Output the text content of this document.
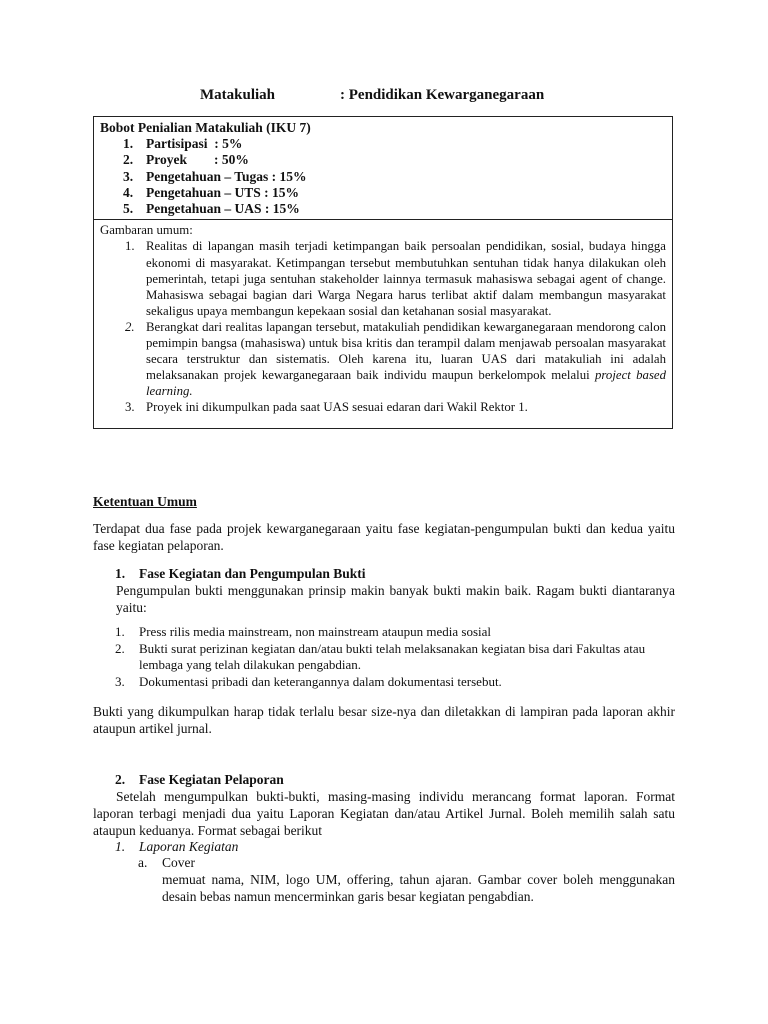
Matakuliah	: Pendidikan Kewarganegaraan
Bobot Penialian Matakuliah (IKU 7)
1. Partisipasi  : 5%
2. Proyek        : 50%
3. Pengetahuan – Tugas : 15%
4. Pengetahuan – UTS : 15%
5. Pengetahuan – UAS : 15%
Gambaran umum:
1. Realitas di lapangan masih terjadi ketimpangan baik persoalan pendidikan, sosial, budaya hingga ekonomi di masyarakat. Ketimpangan tersebut membutuhkan sentuhan tidak hanya dilakukan oleh pemerintah, tetapi juga sentuhan stakeholder lainnya termasuk mahasiswa sebagai agent of change. Mahasiswa sebagai bagian dari Warga Negara harus terlibat aktif dalam membangun masyarakat sekaligus upaya membangun kepekaan sosial dan ketahanan sosial masyarakat.
2. Berangkat dari realitas lapangan tersebut, matakuliah pendidikan kewarganegaraan mendorong calon pemimpin bangsa (mahasiswa) untuk bisa kritis dan terampil dalam menjawab persoalan masyarakat secara terstruktur dan sistematis. Oleh karena itu, luaran UAS dari matakuliah ini adalah melaksanakan projek kewarganegaraan baik individu maupun berkelompok melalui project based learning.
3. Proyek ini dikumpulkan pada saat UAS sesuai edaran dari Wakil Rektor 1.
Ketentuan Umum
Terdapat dua fase pada projek kewarganegaraan yaitu fase kegiatan-pengumpulan bukti dan kedua yaitu fase kegiatan pelaporan.
1. Fase Kegiatan dan Pengumpulan Bukti
Pengumpulan bukti menggunakan prinsip makin banyak bukti makin baik. Ragam bukti diantaranya yaitu:
1. Press rilis media mainstream, non mainstream ataupun media sosial
2. Bukti surat perizinan kegiatan dan/atau bukti telah melaksanakan kegiatan bisa dari Fakultas atau lembaga yang telah dilakukan pengabdian.
3. Dokumentasi pribadi dan keterangannya dalam dokumentasi tersebut.
Bukti yang dikumpulkan harap tidak terlalu besar size-nya dan diletakkan di lampiran pada laporan akhir ataupun artikel jurnal.
2. Fase Kegiatan Pelaporan
Setelah mengumpulkan bukti-bukti, masing-masing individu merancang format laporan. Format laporan terbagi menjadi dua yaitu Laporan Kegiatan dan/atau Artikel Jurnal. Boleh memilih salah satu ataupun keduanya. Format sebagai berikut
1. Laporan Kegiatan
a. Cover
memuat nama, NIM, logo UM, offering, tahun ajaran. Gambar cover boleh menggunakan desain bebas namun mencerminkan garis besar kegiatan pengabdian.
